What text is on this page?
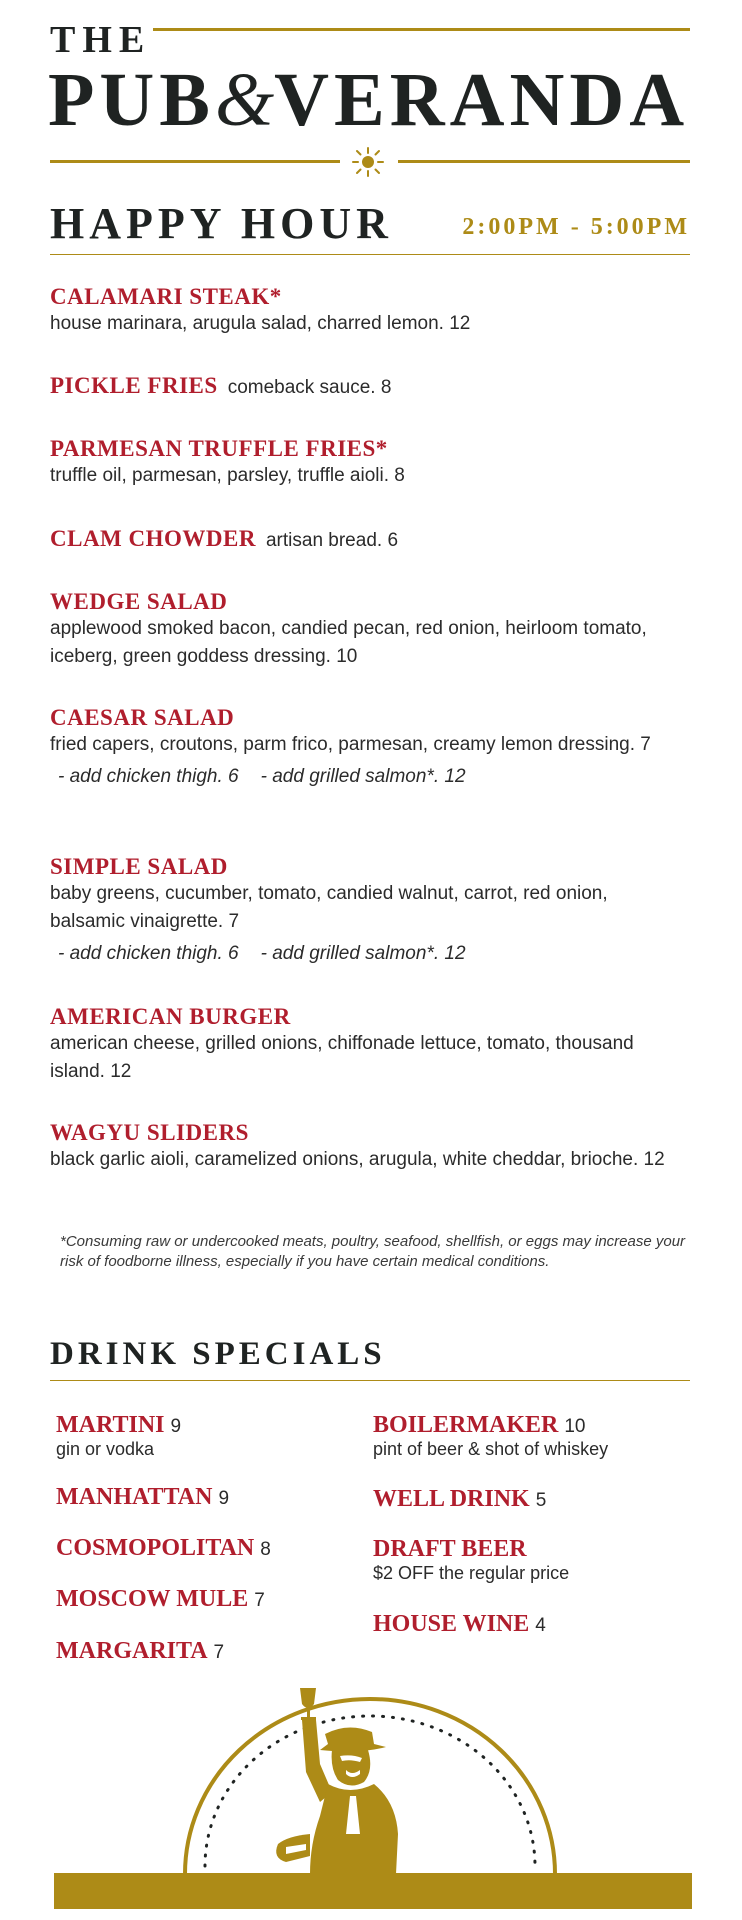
THE
PUB&VERANDA
HAPPY HOUR	2:00PM - 5:00PM
CALAMARI STEAK*
house marinara, arugula salad, charred lemon. 12
PICKLE FRIES comeback sauce. 8
PARMESAN TRUFFLE FRIES*
truffle oil, parmesan, parsley, truffle aioli. 8
CLAM CHOWDER artisan bread. 6
WEDGE SALAD
applewood smoked bacon, candied pecan, red onion, heirloom tomato, iceberg, green goddess dressing. 10
CAESAR SALAD
fried capers, croutons, parm frico, parmesan, creamy lemon dressing. 7
- add chicken thigh. 6 - add grilled salmon*. 12
SIMPLE SALAD
baby greens, cucumber, tomato, candied walnut, carrot, red onion, balsamic vinaigrette. 7
- add chicken thigh. 6 - add grilled salmon*. 12
AMERICAN BURGER
american cheese, grilled onions, chiffonade lettuce, tomato, thousand island. 12
WAGYU SLIDERS
black garlic aioli, caramelized onions, arugula, white cheddar, brioche. 12
*Consuming raw or undercooked meats, poultry, seafood, shellfish, or eggs may increase your risk of foodborne illness, especially if you have certain medical conditions.
DRINK SPECIALS
MARTINI 9
gin or vodka
MANHATTAN 9
COSMOPOLITAN 8
MOSCOW MULE 7
MARGARITA 7
BOILERMAKER 10
pint of beer & shot of whiskey
WELL DRINK 5
DRAFT BEER
$2 OFF the regular price
HOUSE WINE 4
